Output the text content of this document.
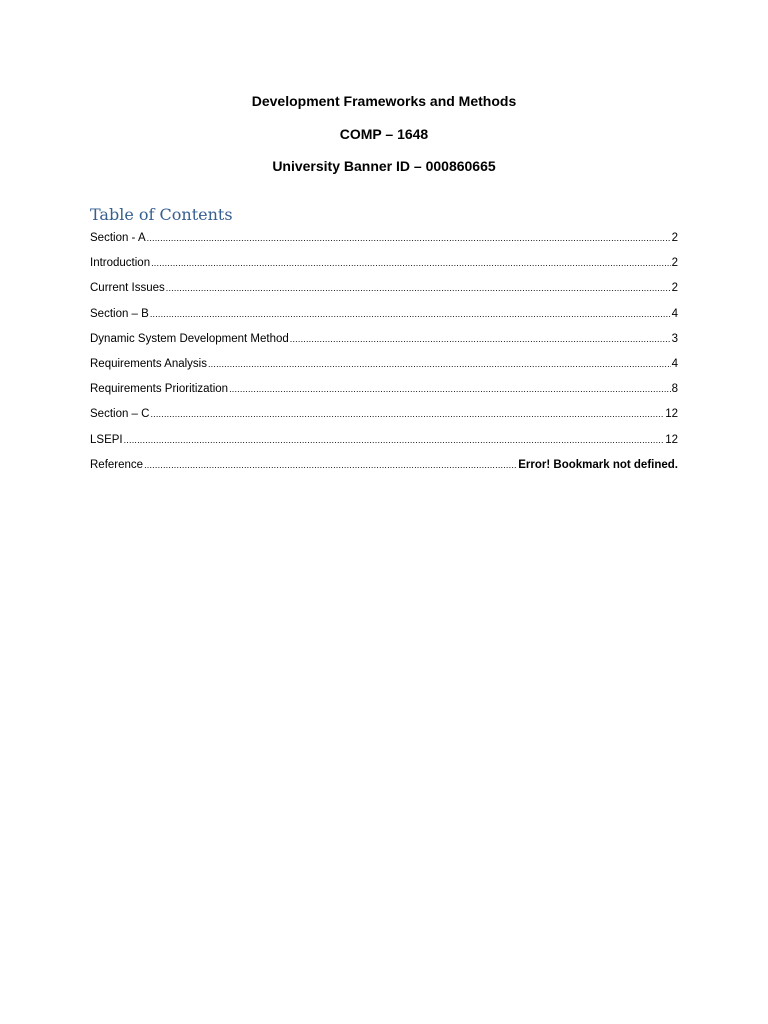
Development Frameworks and Methods
COMP – 1648
University Banner ID – 000860665
Table of Contents
Section - A .....	2
Introduction .....	2
Current Issues .....	2
Section – B .....	4
Dynamic System Development Method .....	3
Requirements Analysis .....	4
Requirements Prioritization .....	8
Section – C .....	12
LSEPI .....	12
Reference .....	Error! Bookmark not defined.
